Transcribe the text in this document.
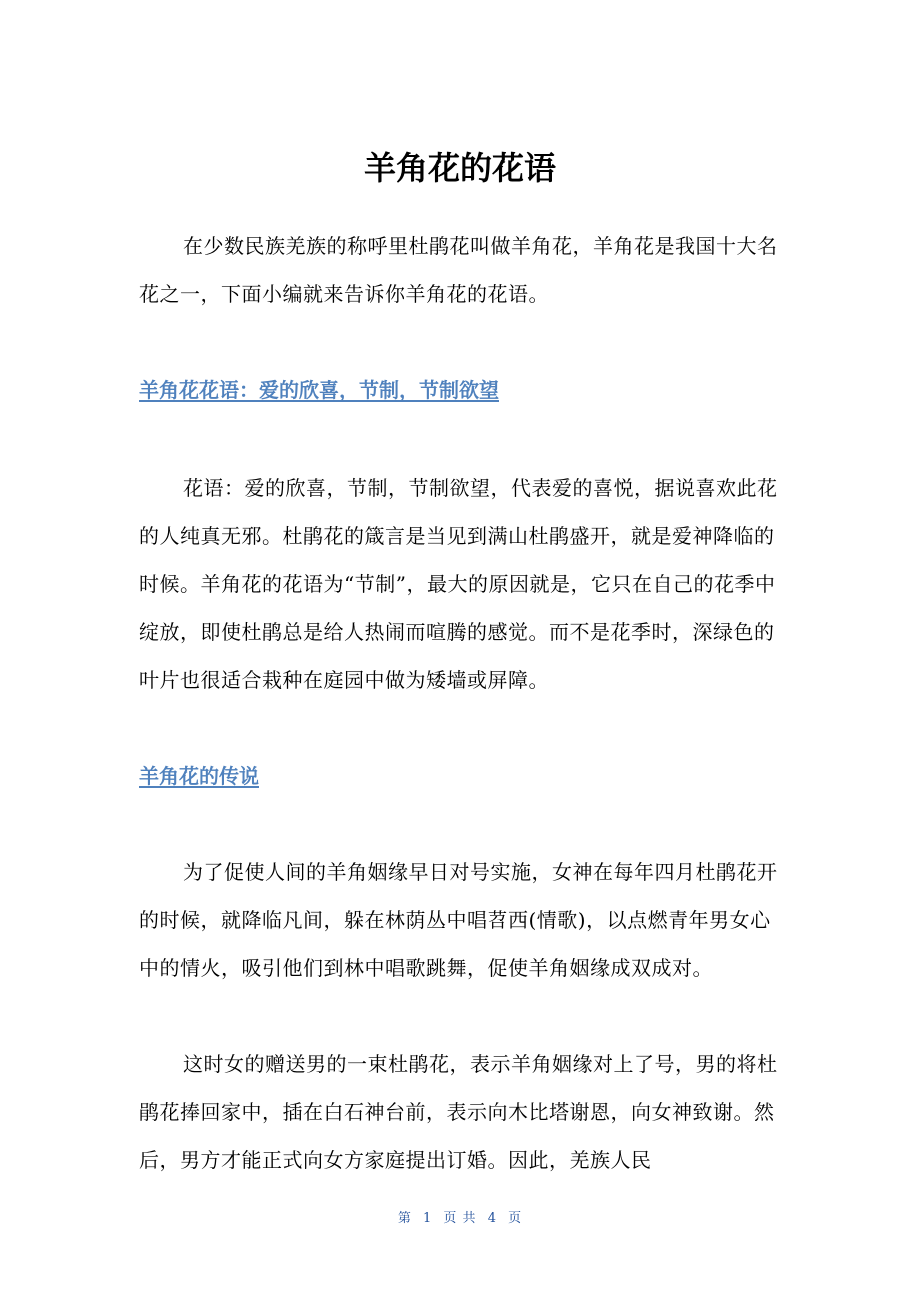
羊角花的花语

在少数民族羌族的称呼里杜鹃花叫做羊角花，羊角花是我国十大名花之一，下面小编就来告诉你羊角花的花语。

羊角花花语：爱的欣喜，节制，节制欲望

花语：爱的欣喜，节制，节制欲望，代表爱的喜悦，据说喜欢此花的人纯真无邪。杜鹃花的箴言是当见到满山杜鹃盛开，就是爱神降临的时候。羊角花的花语为“节制”，最大的原因就是，它只在自己的花季中绽放，即使杜鹃总是给人热闹而喧腾的感觉。而不是花季时，深绿色的叶片也很适合栽种在庭园中做为矮墙或屏障。

羊角花的传说

为了促使人间的羊角姻缘早日对号实施，女神在每年四月杜鹃花开的时候，就降临凡间，躲在林荫丛中唱苕西(情歌)，以点燃青年男女心中的情火，吸引他们到林中唱歌跳舞，促使羊角姻缘成双成对。

这时女的赠送男的一束杜鹃花，表示羊角姻缘对上了号，男的将杜鹃花捧回家中，插在白石神台前，表示向木比塔谢恩，向女神致谢。然后，男方才能正式向女方家庭提出订婚。因此，羌族人民

第 1 页 共 4 页
